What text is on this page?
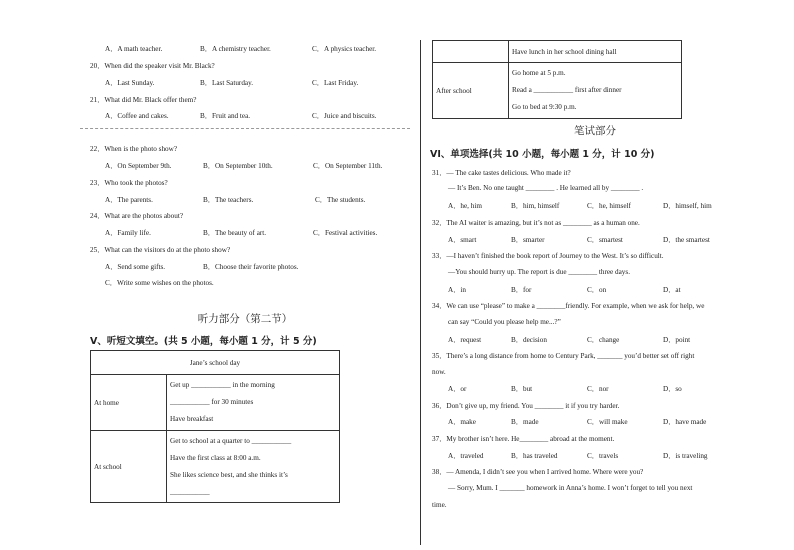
A．A math teacher.	B．A chemistry teacher.	C．A physics teacher.
20．When did the speaker visit Mr. Black?
A．Last Sunday.	B．Last Saturday.	C．Last Friday.
21．What did Mr. Black offer them?
A．Coffee and cakes.	B．Fruit and tea.	C．Juice and biscuits.
22．When is the photo show?
A．On September 9th.	B．On September 10th.	C．On September 11th.
23．Who took the photos?
A．The parents.	B．The teachers.	C．The students.
24．What are the photos about?
A．Family life.	B．The beauty of art.	C．Festival activities.
25．What can the visitors do at the photo show?
A．Send some gifts.	B．Choose their favorite photos.
C．Write some wishes on the photos.
听力部分（第二节）
V、听短文填空。(共 5 小题，每小题 1 分，计 5 分)
Jane’s school day	
At home	Get up ___________ in the morning
___________ for 30 minutes
Have breakfast

At school	Get to school at a quarter to ___________
Have the first class at 8:00 a.m.
She likes science best, and she thinks it’s
___________
	Have lunch in her school dining hall
After school	Go home at 5 p.m.
Read a ___________ first after dinner
Go to bed at 9:30 p.m.
笔试部分
VI、单项选择(共 10 小题，每小题 1 分，计 10 分)
31．— The cake tastes delicious. Who made it?
— It’s Ben. No one taught ________ . He learned all by ________ .
A．he, him	B．him, himself	C．he, himself	D．himself, him
32．The AI waiter is amazing, but it’s not as ________ as a human one.
A．smart	B．smarter	C．smartest	D．the smartest
33．—I haven’t finished the book report of Journey to the West. It’s so difficult.
—You should hurry up. The report is due ________ three days.
A．in	B．for	C．on	D．at
34．We can use “please” to make a ________friendly. For example, when we ask for help, we
can say “Could you please help me...?”
A．request	B．decision	C．change	D．point
35．There’s a long distance from home to Century Park, _______ you’d better set off right
now.
A．or	B．but	C．nor	D．so
36．Don’t give up, my friend. You ________ it if you try harder.
A．make	B．made	C．will make	D．have made
37．My brother isn’t here. He________ abroad at the moment.
A．traveled	B．has traveled	C．travels	D．is traveling
38．— Amenda, I didn’t see you when I arrived home. Where were you?
— Sorry, Mum. I _______ homework in Anna’s home. I won’t forget to tell you next
time.
